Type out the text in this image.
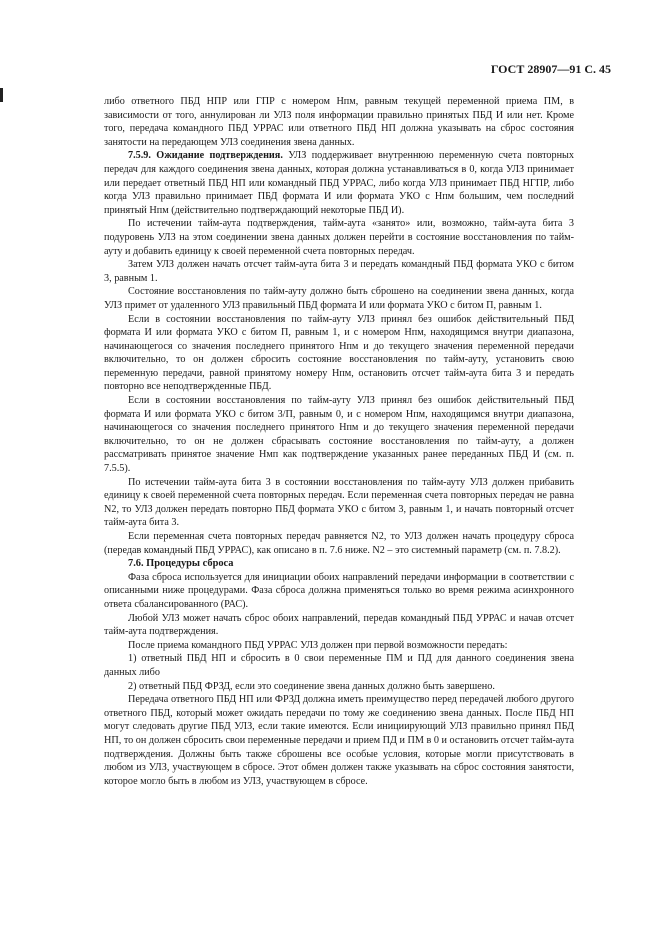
ГОСТ 28907—91 С. 45

либо ответного ПБД НПР или ГПР с номером Нпм, равным текущей переменной приема ПМ, в зависимости от того, аннулирован ли УЛЗ поля информации правильно принятых ПБД И или нет. Кроме того, передача командного ПБД УРРАС или ответного ПБД НП должна указывать на сброс состояния занятости на передающем УЛЗ соединения звена данных.

7.5.9. Ожидание подтверждения. УЛЗ поддерживает внутреннюю переменную счета повторных передач для каждого соединения звена данных, которая должна устанавливаться в 0, когда УЛЗ принимает или передает ответный ПБД НП или командный ПБД УРРАС, либо когда УЛЗ принимает ПБД НГПР, либо когда УЛЗ правильно принимает ПБД формата И или формата УКО с Нпм большим, чем последний принятый Нпм (действительно подтверждающий некоторые ПБД И).

По истечении тайм-аута подтверждения, тайм-аута «занято» или, возможно, тайм-аута бита 3 подуровень УЛЗ на этом соединении звена данных должен перейти в состояние восстановления по тайм-ауту и добавить единицу к своей переменной счета повторных передач.

Затем УЛЗ должен начать отсчет тайм-аута бита 3 и передать командный ПБД формата УКО с битом 3, равным 1.

Состояние восстановления по тайм-ауту должно быть сброшено на соединении звена данных, когда УЛЗ примет от удаленного УЛЗ правильный ПБД формата И или формата УКО с битом П, равным 1.

Если в состоянии восстановления по тайм-ауту УЛЗ принял без ошибок действительный ПБД формата И или формата УКО с битом П, равным 1, и с номером Нпм, находящимся внутри диапазона, начинающегося со значения последнего принятого Нпм и до текущего значения переменной передачи включительно, то он должен сбросить состояние восстановления по тайм-ауту, установить свою переменную передачи, равной принятому номеру Нпм, остановить отсчет тайм-аута бита 3 и передать повторно все неподтвержденные ПБД.

Если в состоянии восстановления по тайм-ауту УЛЗ принял без ошибок действительный ПБД формата И или формата УКО с битом 3/П, равным 0, и с номером Нпм, находящимся внутри диапазона, начинающегося со значения последнего принятого Нпм и до текущего значения переменной передачи включительно, то он не должен сбрасывать состояние восстановления по тайм-ауту, а должен рассматривать принятое значение Нмп как подтверждение указанных ранее переданных ПБД И (см. п. 7.5.5).

По истечении тайм-аута бита 3 в состоянии восстановления по тайм-ауту УЛЗ должен прибавить единицу к своей переменной счета повторных передач. Если переменная счета повторных передач не равна N2, то УЛЗ должен передать повторно ПБД формата УКО с битом 3, равным 1, и начать повторный отсчет тайм-аута бита 3.

Если переменная счета повторных передач равняется N2, то УЛЗ должен начать процедуру сброса (передав командный ПБД УРРАС), как описано в п. 7.6 ниже. N2 – это системный параметр (см. п. 7.8.2).

7.6. Процедуры сброса

Фаза сброса используется для инициации обоих направлений передачи информации в соответствии с описанными ниже процедурами. Фаза сброса должна применяться только во время режима асинхронного ответа сбалансированного (РАС).

Любой УЛЗ может начать сброс обоих направлений, передав командный ПБД УРРАС и начав отсчет тайм-аута подтверждения.

После приема командного ПБД УРРАС УЛЗ должен при первой возможности передать:

1) ответный ПБД НП и сбросить в 0 свои переменные ПМ и ПД для данного соединения звена данных либо

2) ответный ПБД ФРЗД, если это соединение звена данных должно быть завершено.

Передача ответного ПБД НП или ФРЗД должна иметь преимущество перед передачей любого другого ответного ПБД, который может ожидать передачи по тому же соединению звена данных. После ПБД НП могут следовать другие ПБД УЛЗ, если такие имеются. Если инициирующий УЛЗ правильно принял ПБД НП, то он должен сбросить свои переменные передачи и прием ПД и ПМ в 0 и остановить отсчет тайм-аута подтверждения. Должны быть также сброшены все особые условия, которые могли присутствовать в любом из УЛЗ, участвующем в сбросе. Этот обмен должен также указывать на сброс состояния занятости, которое могло быть в любом из УЛЗ, участвующем в сбросе.
